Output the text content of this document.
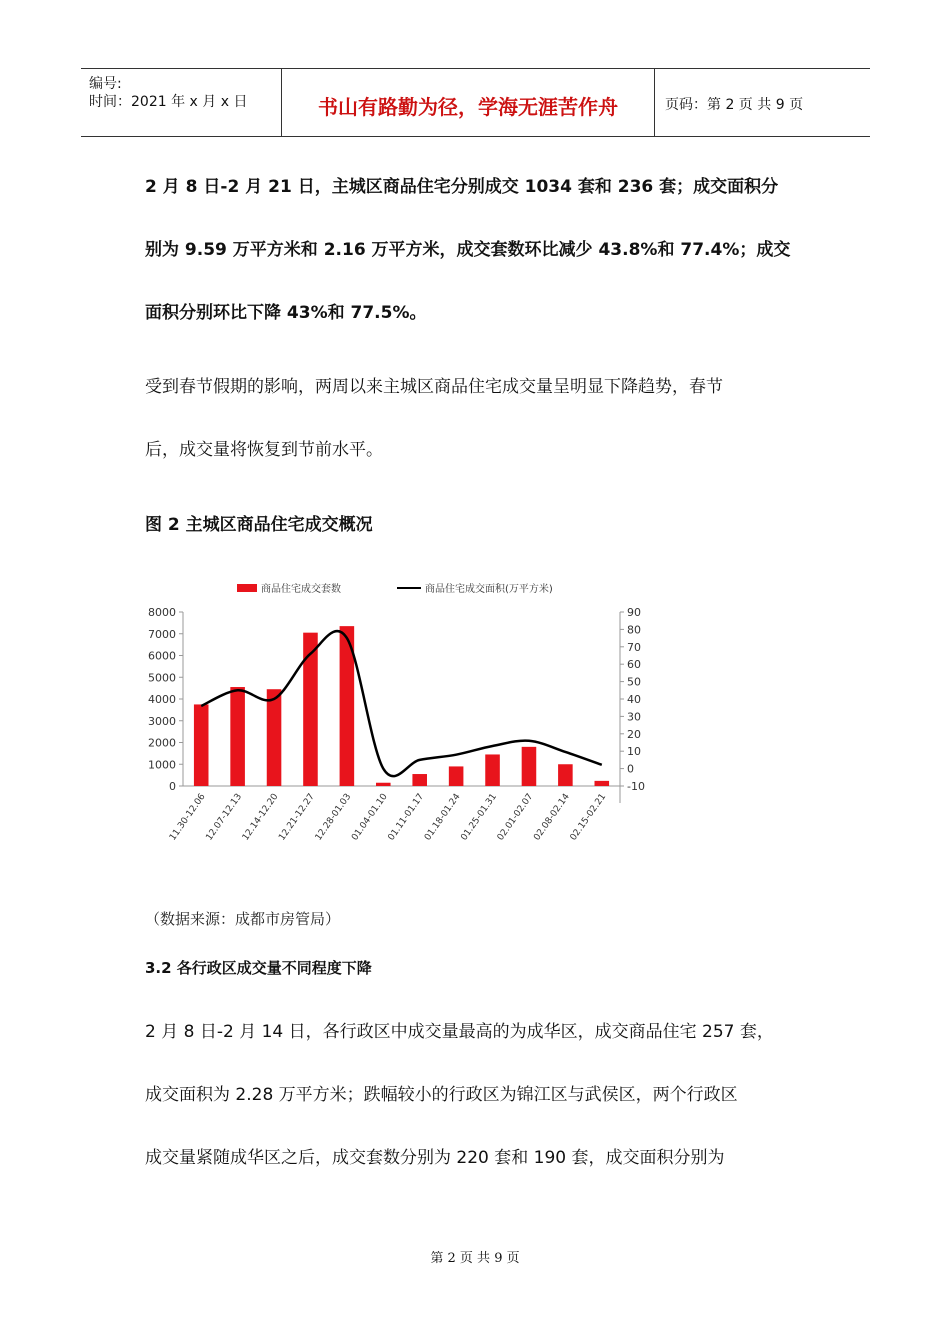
编号:
时间：2021 年 x 月 x 日	书山有路勤为径，学海无涯苦作舟	页码：第 2 页 共 9 页
2 月 8 日-2 月 21 日，主城区商品住宅分别成交 1034 套和 236 套；成交面积分
别为 9.59 万平方米和 2.16 万平方米，成交套数环比减少 43.8%和 77.4%；成交
面积分别环比下降 43%和 77.5%。
受到春节假期的影响，两周以来主城区商品住宅成交量呈明显下降趋势，春节
后，成交量将恢复到节前水平。
图 2 主城区商品住宅成交概况
商品住宅成交套数	商品住宅成交面积(万平方米)
0
1000
2000
3000
4000
5000
6000
7000
8000
-10
0
10
20
30
40
50
60
70
80
90
11.30-12.06
12.07-12.13
12.14-12.20
12.21-12.27
12.28-01.03
01.04-01.10
01.11-01.17
01.18-01.24
01.25-01.31
02.01-02.07
02.08-02.14
02.15-02.21
（数据来源：成都市房管局）
3.2 各行政区成交量不同程度下降
2 月 8 日-2 月 14 日，各行政区中成交量最高的为成华区，成交商品住宅 257 套，
成交面积为 2.28 万平方米；跌幅较小的行政区为锦江区与武侯区，两个行政区
成交量紧随成华区之后，成交套数分别为 220 套和 190 套，成交面积分别为
第 2 页 共 9 页
